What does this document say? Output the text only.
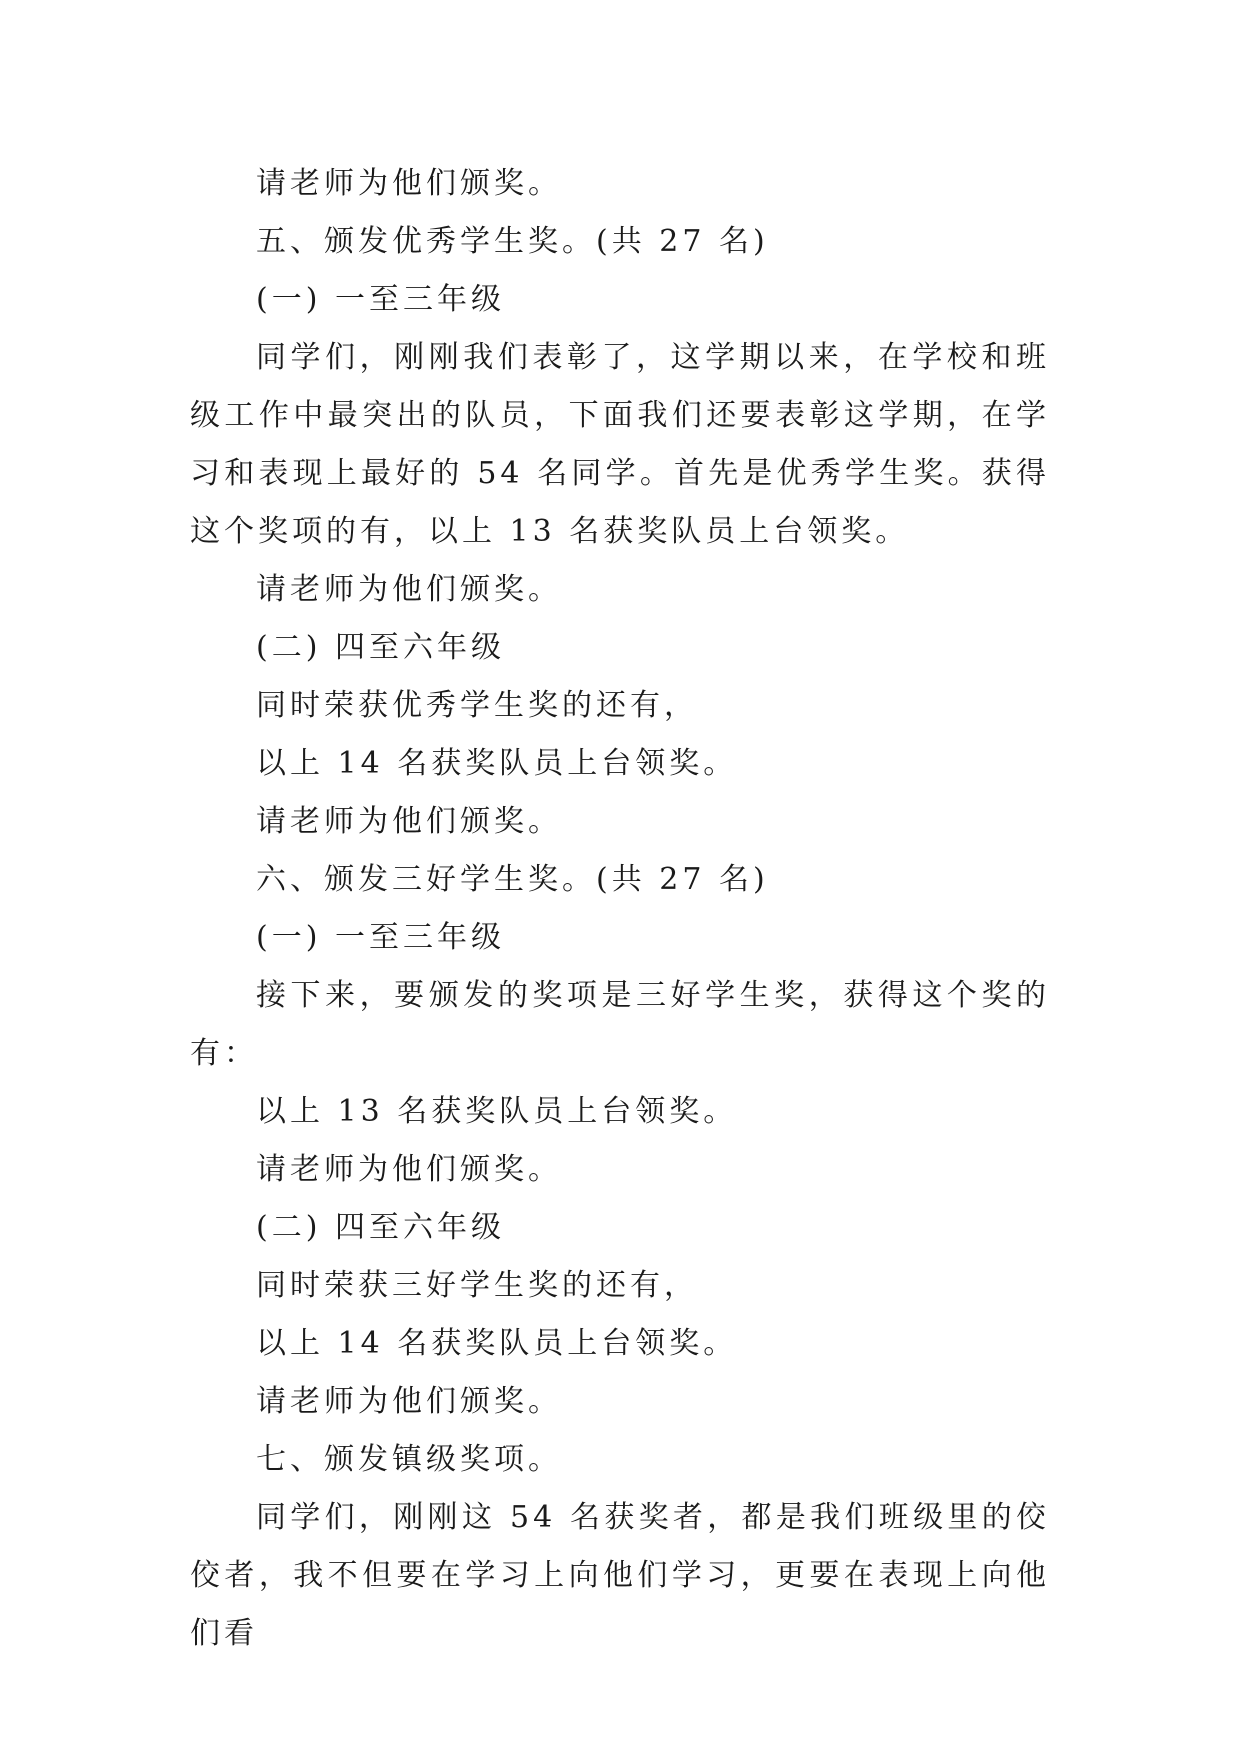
请老师为他们颁奖。

五、颁发优秀学生奖。(共 27 名)

(一) 一至三年级

同学们，刚刚我们表彰了，这学期以来，在学校和班级工作中最突出的队员，下面我们还要表彰这学期，在学习和表现上最好的 54 名同学。首先是优秀学生奖。获得这个奖项的有，以上 13 名获奖队员上台领奖。

请老师为他们颁奖。

(二) 四至六年级

同时荣获优秀学生奖的还有，

以上 14 名获奖队员上台领奖。

请老师为他们颁奖。

六、颁发三好学生奖。(共 27 名)

(一) 一至三年级

接下来，要颁发的奖项是三好学生奖，获得这个奖的有：

以上 13 名获奖队员上台领奖。

请老师为他们颁奖。

(二) 四至六年级

同时荣获三好学生奖的还有，

以上 14 名获奖队员上台领奖。

请老师为他们颁奖。

七、颁发镇级奖项。

同学们，刚刚这 54 名获奖者，都是我们班级里的佼佼者，我不但要在学习上向他们学习，更要在表现上向他们看
